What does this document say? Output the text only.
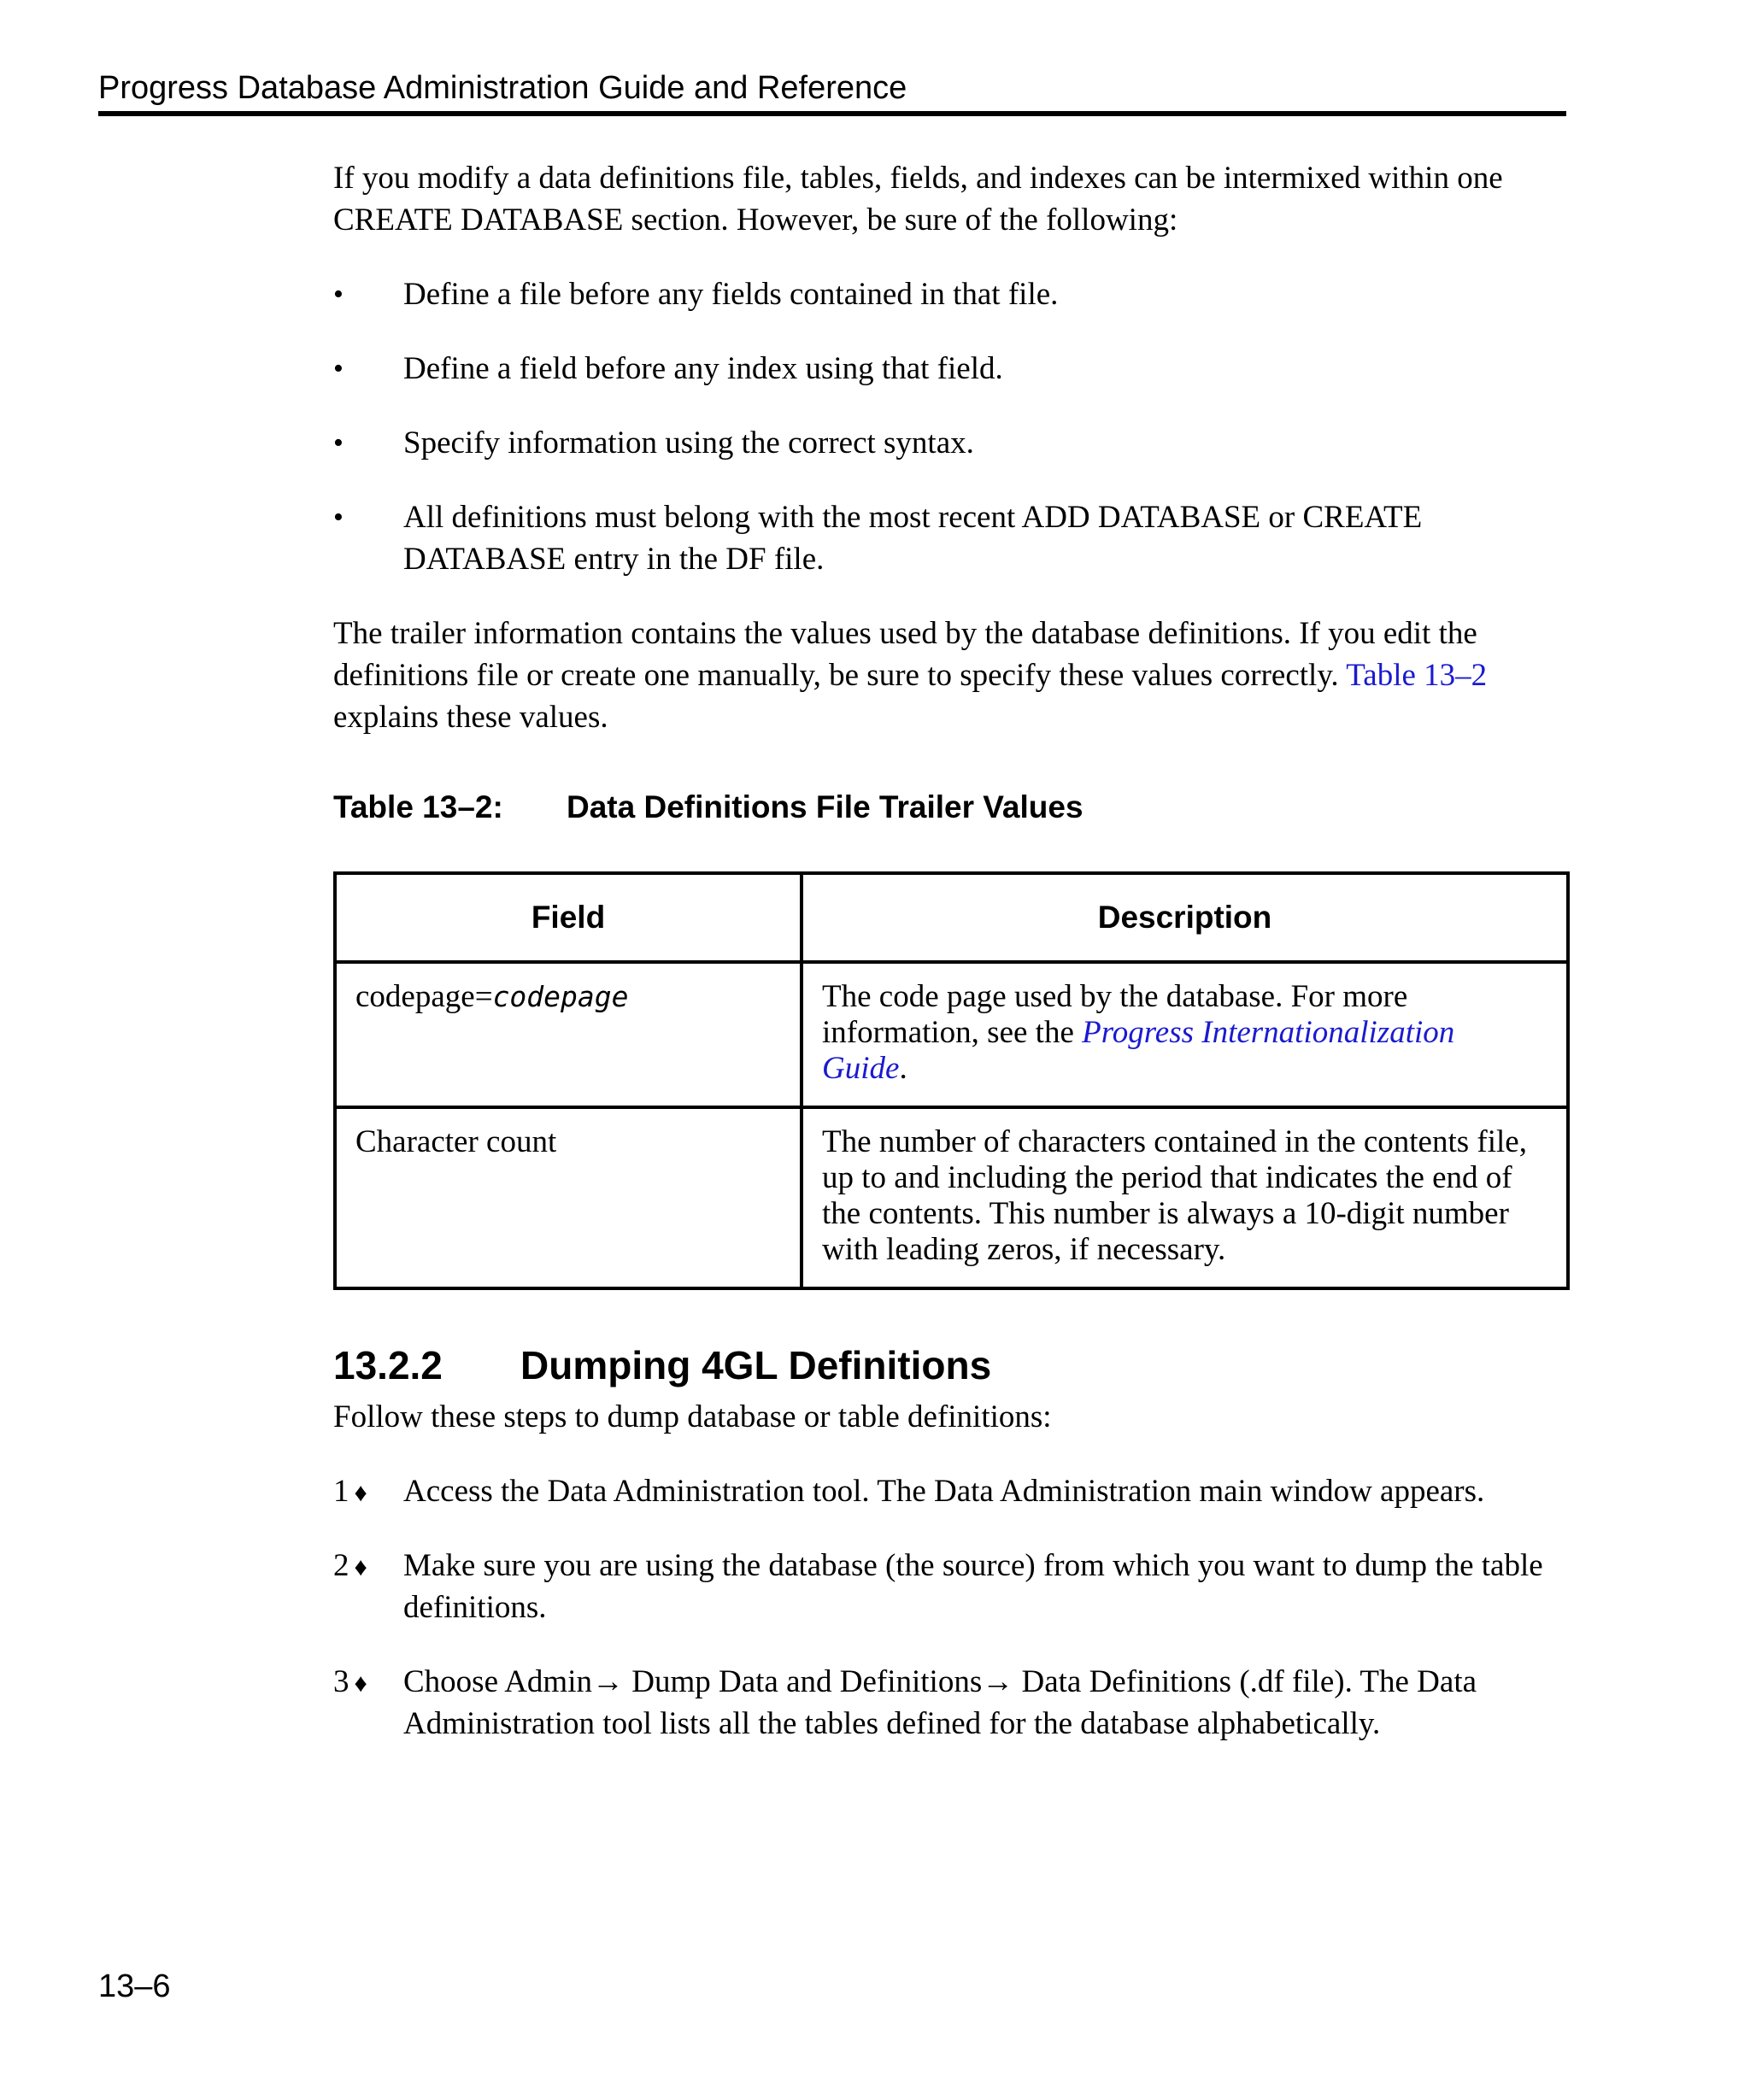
Progress Database Administration Guide and Reference

If you modify a data definitions file, tables, fields, and indexes can be intermixed within one CREATE DATABASE section. However, be sure of the following:

•	Define a file before any fields contained in that file.
•	Define a field before any index using that field.
•	Specify information using the correct syntax.
•	All definitions must belong with the most recent ADD DATABASE or CREATE DATABASE entry in the DF file.

The trailer information contains the values used by the database definitions. If you edit the definitions file or create one manually, be sure to specify these values correctly. Table 13–2 explains these values.

Table 13–2:	Data Definitions File Trailer Values
Field	Description
codepage=codepage	The code page used by the database. For more information, see the Progress Internationalization Guide.
Character count	The number of characters contained in the contents file, up to and including the period that indicates the end of the contents. This number is always a 10-digit number with leading zeros, if necessary.
13.2.2	Dumping 4GL Definitions

Follow these steps to dump database or table definitions:

1 ♦	Access the Data Administration tool. The Data Administration main window appears.
2 ♦	Make sure you are using the database (the source) from which you want to dump the table definitions.
3 ♦	Choose Admin→ Dump Data and Definitions→ Data Definitions (.df file). The Data Administration tool lists all the tables defined for the database alphabetically.
13–6
